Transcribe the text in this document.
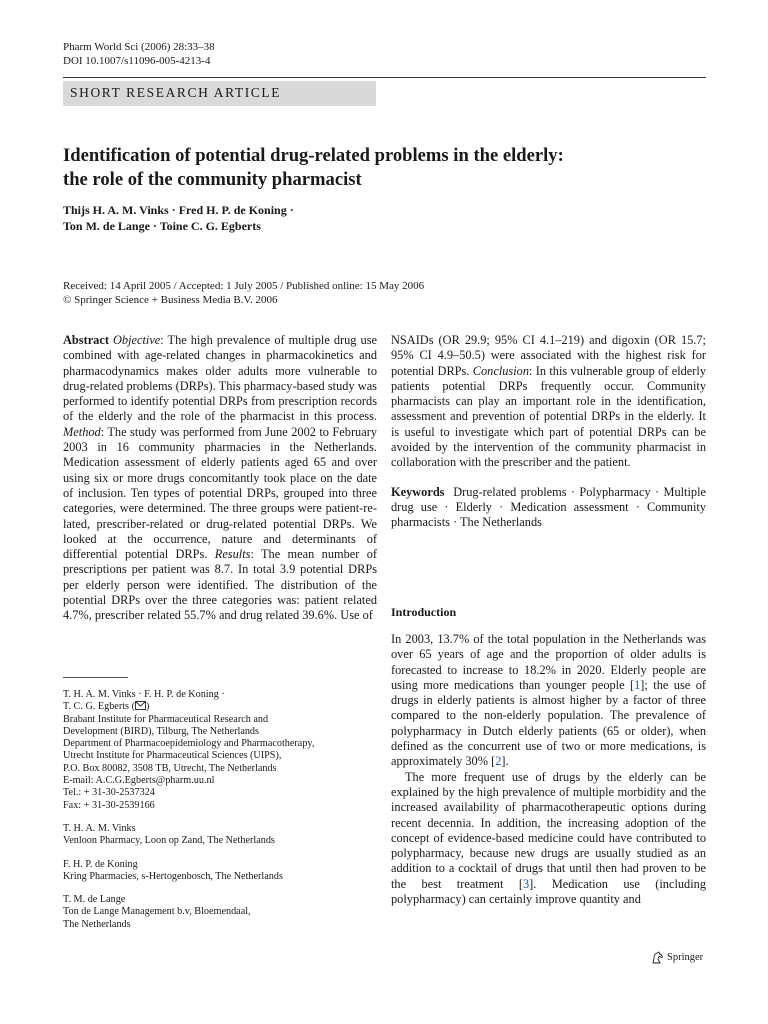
Pharm World Sci (2006) 28:33–38
DOI 10.1007/s11096-005-4213-4
SHORT RESEARCH ARTICLE
Identification of potential drug-related problems in the elderly:
the role of the community pharmacist
Thijs H. A. M. Vinks · Fred H. P. de Koning ·
Ton M. de Lange · Toine C. G. Egberts
Received: 14 April 2005 / Accepted: 1 July 2005 / Published online: 15 May 2006
© Springer Science + Business Media B.V. 2006

Abstract Objective: The high prevalence of multiple drug use combined with age-related changes in pharmacokinetics and pharmacodynamics makes older adults more vulnerable to drug-related problems (DRPs). This pharmacy-based study was performed to identify potential DRPs from prescription records of the elderly and the role of the pharmacist in this process. Method: The study was performed from June 2002 to February 2003 in 16 community pharmacies in the Netherlands. Medication assessment of elderly patients aged 65 and over using six or more drugs concomitantly took place on the date of inclusion. Ten types of potential DRPs, grouped into three categories, were determined. The three groups were patient-related, prescriber-related or drug-related potential DRPs. We looked at the occurrence, nature and determinants of differential potential DRPs. Results: The mean number of prescriptions per patient was 8.7. In total 3.9 potential DRPs per elderly person were identified. The distribution of the potential DRPs over the three categories was: patient related 4.7%, prescriber related 55.7% and drug related 39.6%. Use of

NSAIDs (OR 29.9; 95% CI 4.1–219) and digoxin (OR 15.7; 95% CI 4.9–50.5) were associated with the highest risk for potential DRPs. Conclusion: In this vulnerable group of elderly patients potential DRPs frequently occur. Community pharmacists can play an important role in the identification, assessment and prevention of potential DRPs in the elderly. It is useful to investigate which part of potential DRPs can be avoided by the intervention of the community pharmacist in collaboration with the prescriber and the patient.

Keywords Drug-related problems · Polypharmacy · Multiple drug use · Elderly · Medication assessment · Community pharmacists · The Netherlands

T. H. A. M. Vinks · F. H. P. de Koning ·
T. C. G. Egberts ( )
Brabant Institute for Pharmaceutical Research and
Development (BIRD), Tilburg, The Netherlands
Department of Pharmacoepidemiology and Pharmacotherapy,
Utrecht Institute for Pharmaceutical Sciences (UIPS),
P.O. Box 80082, 3508 TB, Utrecht, The Netherlands
E-mail: A.C.G.Egberts@pharm.uu.nl
Tel.: + 31-30-2537324
Fax: + 31-30-2539166

T. H. A. M. Vinks
Venloon Pharmacy, Loon op Zand, The Netherlands

F. H. P. de Koning
Kring Pharmacies, s-Hertogenbosch, The Netherlands

T. M. de Lange
Ton de Lange Management b.v, Bloemendaal,
The Netherlands

Introduction

In 2003, 13.7% of the total population in the Netherlands was over 65 years of age and the proportion of older adults is forecasted to increase to 18.2% in 2020. Elderly people are using more medications than younger people [1]; the use of drugs in elderly patients is almost higher by a factor of three compared to the non-elderly population. The prevalence of polypharmacy in Dutch elderly patients (65 or older), when defined as the concurrent use of two or more medications, is approximately 30% [2].

The more frequent use of drugs by the elderly can be explained by the high prevalence of multiple morbidity and the increased availability of pharmacotherapeutic options during recent decennia. In addition, the increasing adoption of the concept of evidence-based medicine could have contributed to polypharmacy, because new drugs are usually studied as an addition to a cocktail of drugs that until then had proven to be the best treatment [3]. Medication use (including polypharmacy) can certainly improve quantity and

Springer
